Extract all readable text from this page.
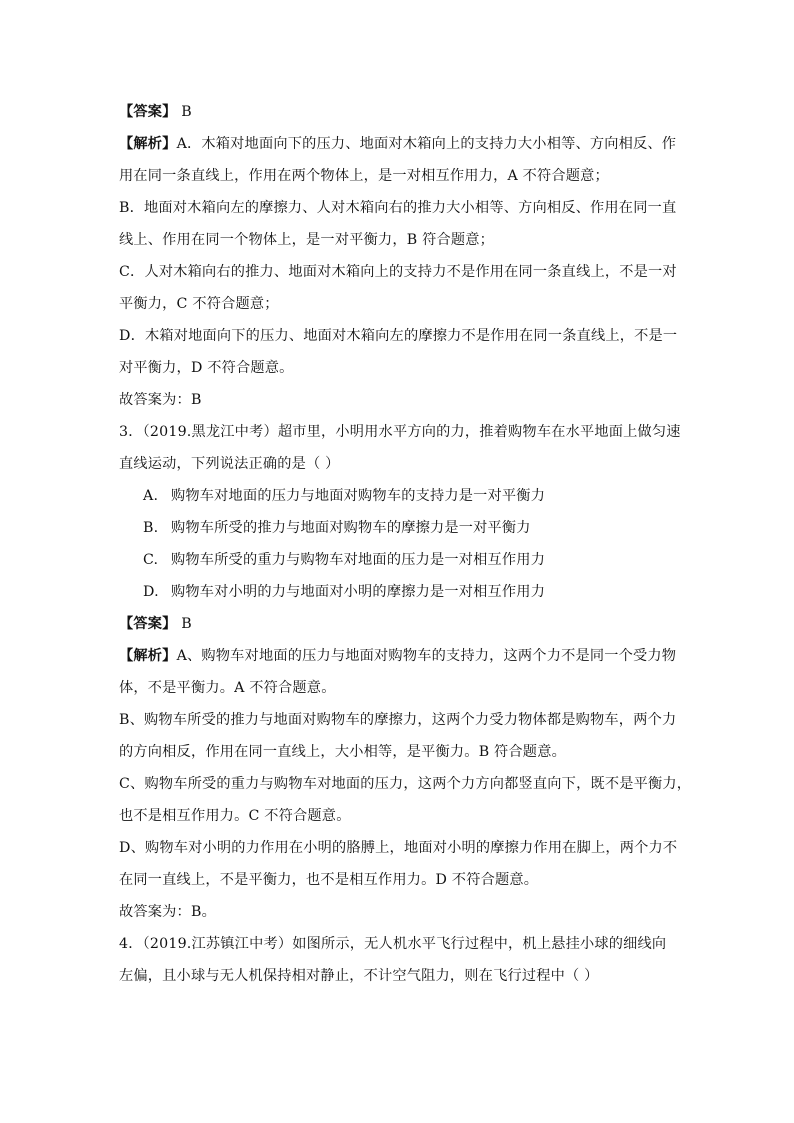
【答案】 B
【解析】A．木箱对地面向下的压力、地面对木箱向上的支持力大小相等、方向相反、作
用在同一条直线上，作用在两个物体上，是一对相互作用力，A 不符合题意；
B．地面对木箱向左的摩擦力、人对木箱向右的推力大小相等、方向相反、作用在同一直
线上、作用在同一个物体上，是一对平衡力，B 符合题意；
C．人对木箱向右的推力、地面对木箱向上的支持力不是作用在同一条直线上，不是一对
平衡力，C 不符合题意；
D．木箱对地面向下的压力、地面对木箱向左的摩擦力不是作用在同一条直线上，不是一
对平衡力，D 不符合题意。
故答案为：B
3．（2019.黑龙江中考）超市里，小明用水平方向的力，推着购物车在水平地面上做匀速
直线运动，下列说法正确的是（ ）
A. 购物车对地面的压力与地面对购物车的支持力是一对平衡力
B. 购物车所受的推力与地面对购物车的摩擦力是一对平衡力
C. 购物车所受的重力与购物车对地面的压力是一对相互作用力
D. 购物车对小明的力与地面对小明的摩擦力是一对相互作用力
【答案】 B
【解析】A、购物车对地面的压力与地面对购物车的支持力，这两个力不是同一个受力物
体，不是平衡力。A 不符合题意。
B、购物车所受的推力与地面对购物车的摩擦力，这两个力受力物体都是购物车，两个力
的方向相反，作用在同一直线上，大小相等，是平衡力。B 符合题意。
C、购物车所受的重力与购物车对地面的压力，这两个力方向都竖直向下，既不是平衡力，
也不是相互作用力。C 不符合题意。
D、购物车对小明的力作用在小明的胳膊上，地面对小明的摩擦力作用在脚上，两个力不
在同一直线上，不是平衡力，也不是相互作用力。D 不符合题意。
故答案为：B。
4．（2019.江苏镇江中考）如图所示，无人机水平飞行过程中，机上悬挂小球的细线向
左偏，且小球与无人机保持相对静止，不计空气阻力，则在飞行过程中（ ）
